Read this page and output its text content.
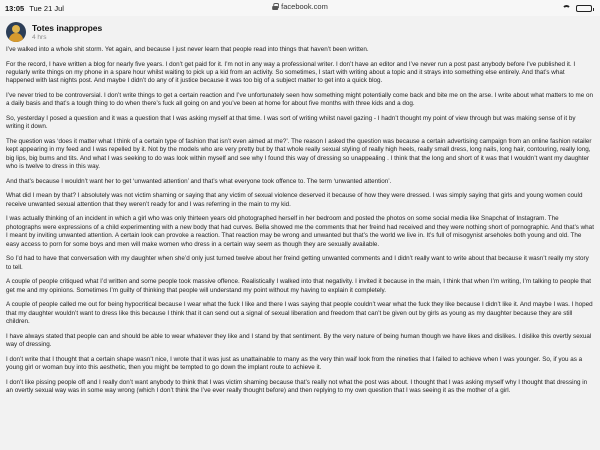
13:05 Tue 21 Jul	facebook.com
Totes inappropes
4 hrs

I’ve walked into a whole shit storm. Yet again, and because I just never learn that people read into things that haven’t been written.

For the record, I have written a blog for nearly five years. I don’t get paid for it. I’m not in any way a professional writer. I don’t have an editor and I’ve never run a post past anybody before I’ve published it. I regularly write things on my phone in a spare hour whilst waiting to pick up a kid from an activity. So sometimes, I start with writing about a topic and it strays into something else entirely. And that’s what happened with last nights post. And maybe I didn’t do any of it justice because it was too big of a subject matter to get into a quick blog.

I’ve never tried to be controversial. I don’t write things to get a certain reaction and I’ve unfortunately seen how something might potentially come back and bite me on the arse. I write about what matters to me on a daily basis and that’s a tough thing to do when there’s fuck all going on and you’ve been at home for about five months with three kids and a dog.

So, yesterday I posed a question and it was a question that I was asking myself at that time. I was sort of writing whilst navel gazing - I hadn’t thought my point of view through but was making sense of it by writing it down.

The question was ‘does it matter what I think of a certain type of fashion that isn’t even aimed at me?’. The reason I asked the question was because a certain advertising campaign from an online fashion retailer kept appearing in my feed and I was repelled by it. Not by the models who are very pretty but by that whole really sexual styling of really high heels, really small dress, long nails, long hair, contouring, really long, big lips, big bums and tits. And what I was seeking to do was look within myself and see why I found this way of dressing so unappealing . I think that the long and short of it was that I wouldn’t want my daughter who is twelve to dress in this way.

And that’s because I wouldn’t want her to get ‘unwanted attention’ and that’s what everyone took offence to. The term ‘unwanted attention’.

What did I mean by that? I absolutely was not victim shaming or saying that any victim of sexual violence deserved it because of how they were dressed. I was simply saying that girls and young women could receive unwanted sexual attention that they weren’t ready for and I was referring in the main to my kid.

I was actually thinking of an incident in which a girl who was only thirteen years old photographed herself in her bedroom and posted the photos on some social media like Snapchat of Instagram. The photographs were expressions of a child experimenting with a new body that had curves. Bella showed me the comments that her freind had received and they were nothing short of pornographic. And that’s what I meant by inviting unwanted attention. A certain look can provoke a reaction. That reaction may be wrong and unwanted but that’s the world we live in. It’s full of misogynist arseholes both young and old. The easy access to porn for some boys and men will make women who dress in a certain way seem as though they are sexually available.

So I’d had to have that conversation with my daughter when she’d only just turned twelve about her freind getting unwanted comments and I didn’t really want to write about that because it wasn’t really my story to tell.

A couple of people critiqued what I’d written and some people took massive offence. Realistically I walked into that negativity. I invited it because in the main, I think that when I’m writing, I’m talking to people that get me and my opinions. Sometimes I’m guilty of thinking that people will understand my point without my having to explain it completely.

A couple of people called me out for being hypocritical because I wear what the fuck I like and there I was saying that people couldn’t wear what the fuck they like because I didn’t like it. And maybe I was. I hoped that my daughter wouldn’t want to dress like this because I think that it can send out a signal of sexual liberation and freedom that can’t be given out by girls as young as my daughter because they are still children.

I have always stated that people can and should be able to wear whatever they like and I stand by that sentiment. By the very nature of being human though we have likes and dislikes. I dislike this overtly sexual way of dressing.

I don’t write that I thought that a certain shape wasn’t nice, I wrote that it was just as unattainable to many as the very thin waif look from the nineties that I failed to achieve when I was younger. So, if you as a young girl or woman buy into this aesthetic, then you might be tempted to go down the implant route to achieve it.

I don’t like pissing people off and I really don’t want anybody to think that I was victim shaming because that’s really not what the post was about. I thought that I was asking myself why I thought that dressing in an overtly sexual way was in some way wrong (which I don’t think the I’ve ever really thought before) and then replying to my own question that I was seeing it as the mother of a girl.
